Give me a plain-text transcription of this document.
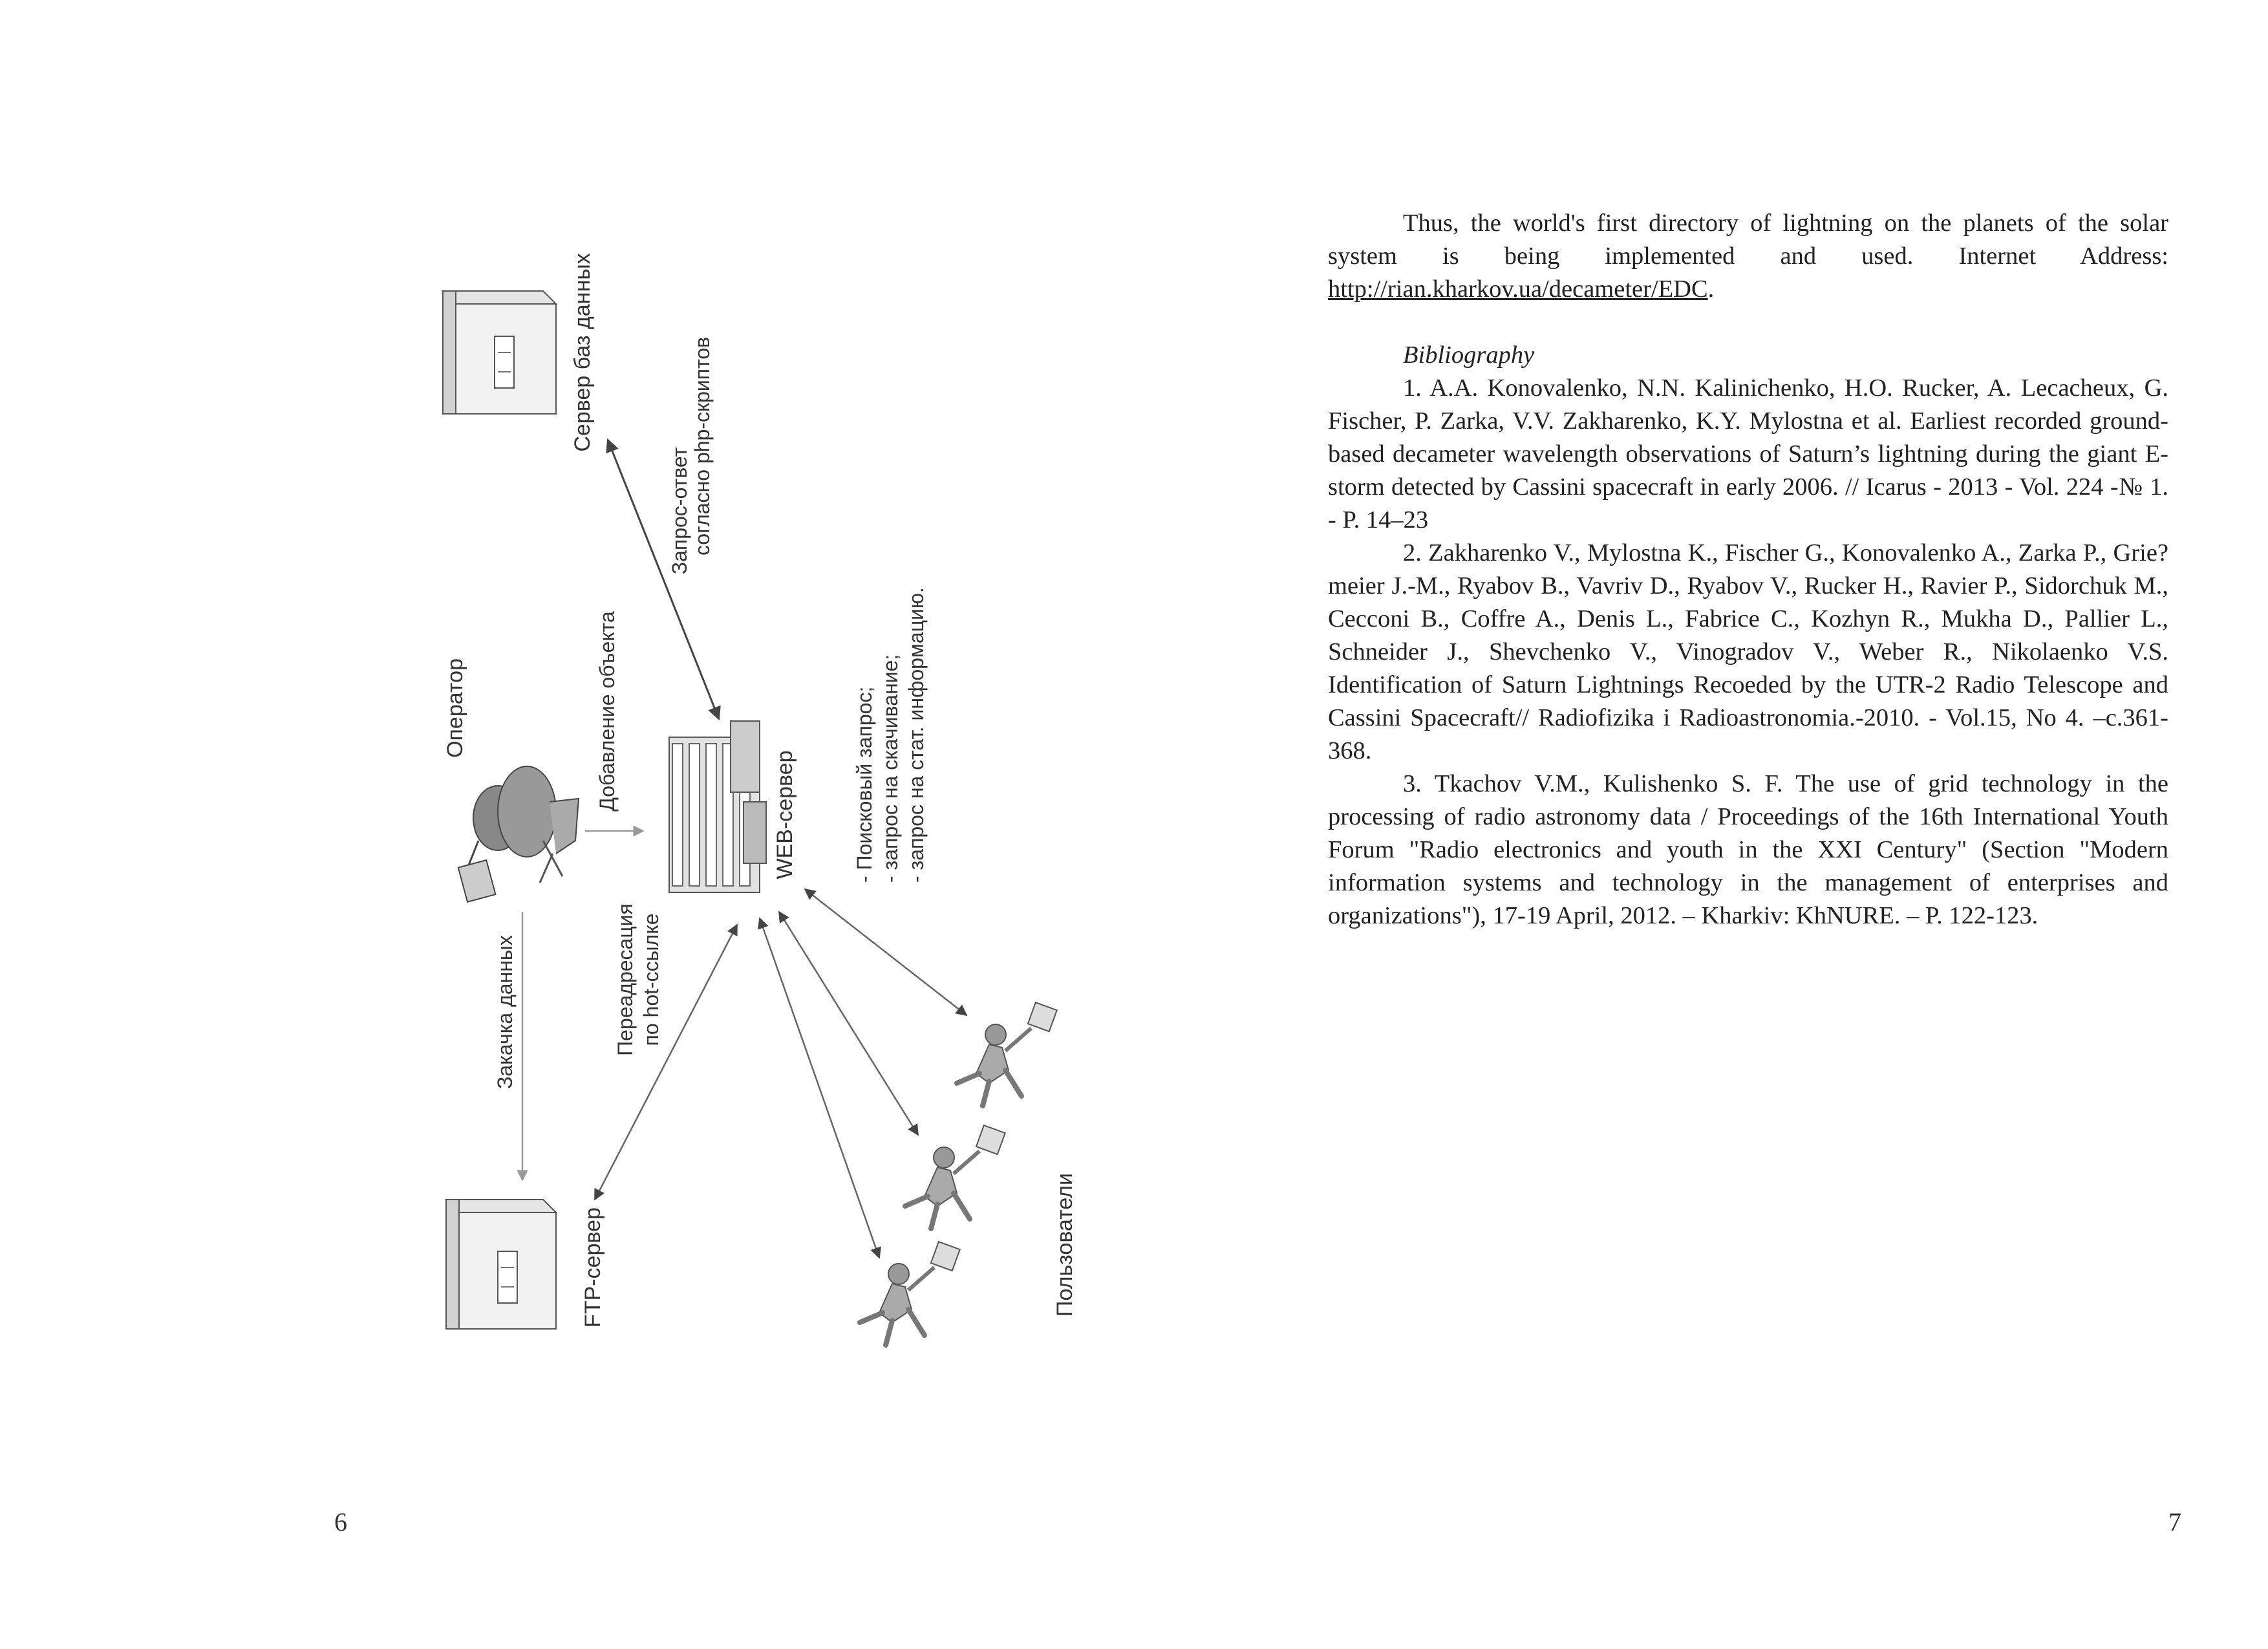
Сервер баз данных
Запрос-ответ согласно php-скриптов
Оператор	Добавление объекта
Закачка данных
WEB-сервер	- Поисковый запрос; - запрос на скачивание; - запрос на стат. информацию.
Переадресация по hot-ссылке
FTP-сервер	Пользователи
6

Thus, the world's first directory of lightning on the planets of the solar system is being implemented and used. Internet Address: http://rian.kharkov.ua/decameter/EDC.

Bibliography

1. A.A. Konovalenko, N.N. Kalinichenko, H.O. Rucker, A. Lecacheux, G. Fischer, P. Zarka, V.V. Zakharenko, K.Y. Mylostna et al. Earliest recorded ground-based decameter wavelength observations of Saturn’s lightning during the giant E-storm detected by Cassini spacecraft in early 2006. // Icarus - 2013 - Vol. 224 -№ 1. - P. 14–23

2. Zakharenko V., Mylostna K., Fischer G., Konovalenko A., Zarka P., Grie?meier J.-M., Ryabov B., Vavriv D., Ryabov V., Rucker H., Ravier P., Sidorchuk M., Cecconi B., Coffre A., Denis L., Fabrice C., Kozhyn R., Mukha D., Pallier L., Schneider J., Shevchenko V., Vinogradov V., Weber R., Nikolaenko V.S. Identification of Saturn Lightnings Recoeded by the UTR-2 Radio Telescope and Cassini Spacecraft// Radiofizika i Radioastronomia.-2010. - Vol.15, No 4. –c.361-368.

3. Tkachov V.M., Kulishenko S. F. The use of grid technology in the processing of radio astronomy data / Proceedings of the 16th International Youth Forum "Radio electronics and youth in the XXI Century" (Section "Modern information systems and technology in the management of enterprises and organizations"), 17-19 April, 2012. – Kharkiv: KhNURE. – P. 122-123.

7
